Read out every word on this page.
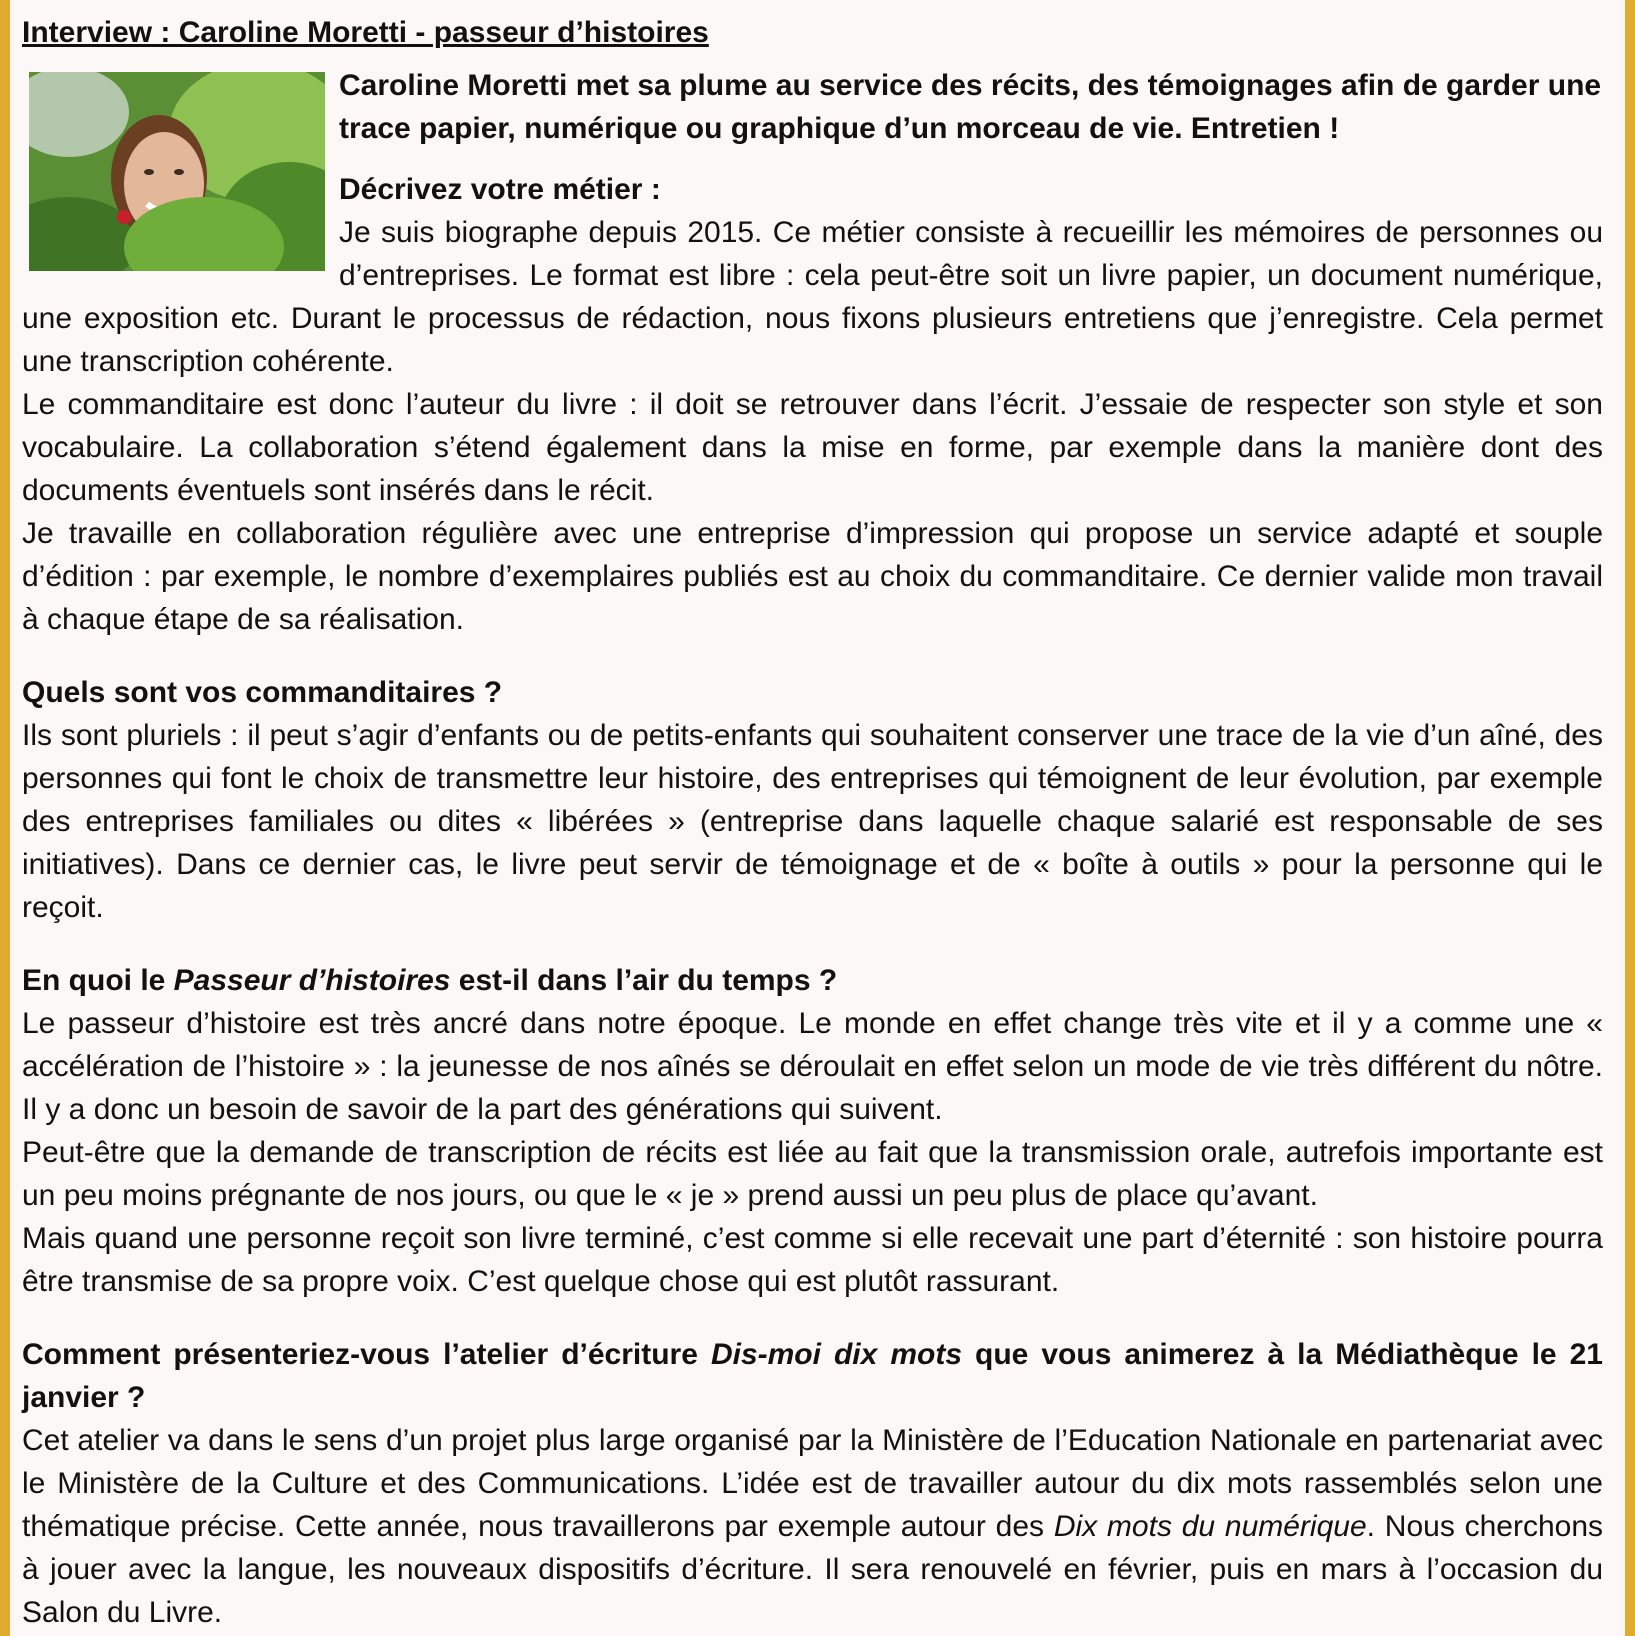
Interview : Caroline Moretti - passeur d’histoires

Caroline Moretti met sa plume au service des récits, des témoignages afin de garder une trace papier, numérique ou graphique d’un morceau de vie. Entretien !

Décrivez votre métier :

Je suis biographe depuis 2015. Ce métier consiste à recueillir les mémoires de personnes ou d’entreprises. Le format est libre : cela peut-être soit un livre papier, un document numérique, une exposition etc. Durant le processus de rédaction, nous fixons plusieurs entretiens que j’enregistre. Cela permet une transcription cohérente.

Le commanditaire est donc l’auteur du livre : il doit se retrouver dans l’écrit. J’essaie de respecter son style et son vocabulaire. La collaboration s’étend également dans la mise en forme, par exemple dans la manière dont des documents éventuels sont insérés dans le récit.

Je travaille en collaboration régulière avec une entreprise d’impression qui propose un service adapté et souple d’édition : par exemple, le nombre d’exemplaires publiés est au choix du commanditaire. Ce dernier valide mon travail à chaque étape de sa réalisation.

Quels sont vos commanditaires ?

Ils sont pluriels : il peut s’agir d’enfants ou de petits-enfants qui souhaitent conserver une trace de la vie d’un aîné, des personnes qui font le choix de transmettre leur histoire, des entreprises qui témoignent de leur évolution, par exemple des entreprises familiales ou dites « libérées » (entreprise dans laquelle chaque salarié est responsable de ses initiatives). Dans ce dernier cas, le livre peut servir de témoignage et de « boîte à outils » pour la personne qui le reçoit.

En quoi le Passeur d’histoires est-il dans l’air du temps ?

Le passeur d’histoire est très ancré dans notre époque. Le monde en effet change très vite et il y a comme une « accélération de l’histoire » : la jeunesse de nos aînés se déroulait en effet selon un mode de vie très différent du nôtre. Il y a donc un besoin de savoir de la part des générations qui suivent.

Peut-être que la demande de transcription de récits est liée au fait que la transmission orale, autrefois importante est un peu moins prégnante de nos jours, ou que le « je » prend aussi un peu plus de place qu’avant.

Mais quand une personne reçoit son livre terminé, c’est comme si elle recevait une part d’éternité : son histoire pourra être transmise de sa propre voix. C’est quelque chose qui est plutôt rassurant.

Comment présenteriez-vous l’atelier d’écriture Dis-moi dix mots que vous animerez à la Médiathèque le 21 janvier ?

Cet atelier va dans le sens d’un projet plus large organisé par la Ministère de l’Education Nationale en partenariat avec le Ministère de la Culture et des Communications. L’idée est de travailler autour du dix mots rassemblés selon une thématique précise. Cette année, nous travaillerons par exemple autour des Dix mots du numérique. Nous cherchons à jouer avec la langue, les nouveaux dispositifs d’écriture. Il sera renouvelé en février, puis en mars à l’occasion du Salon du Livre.
